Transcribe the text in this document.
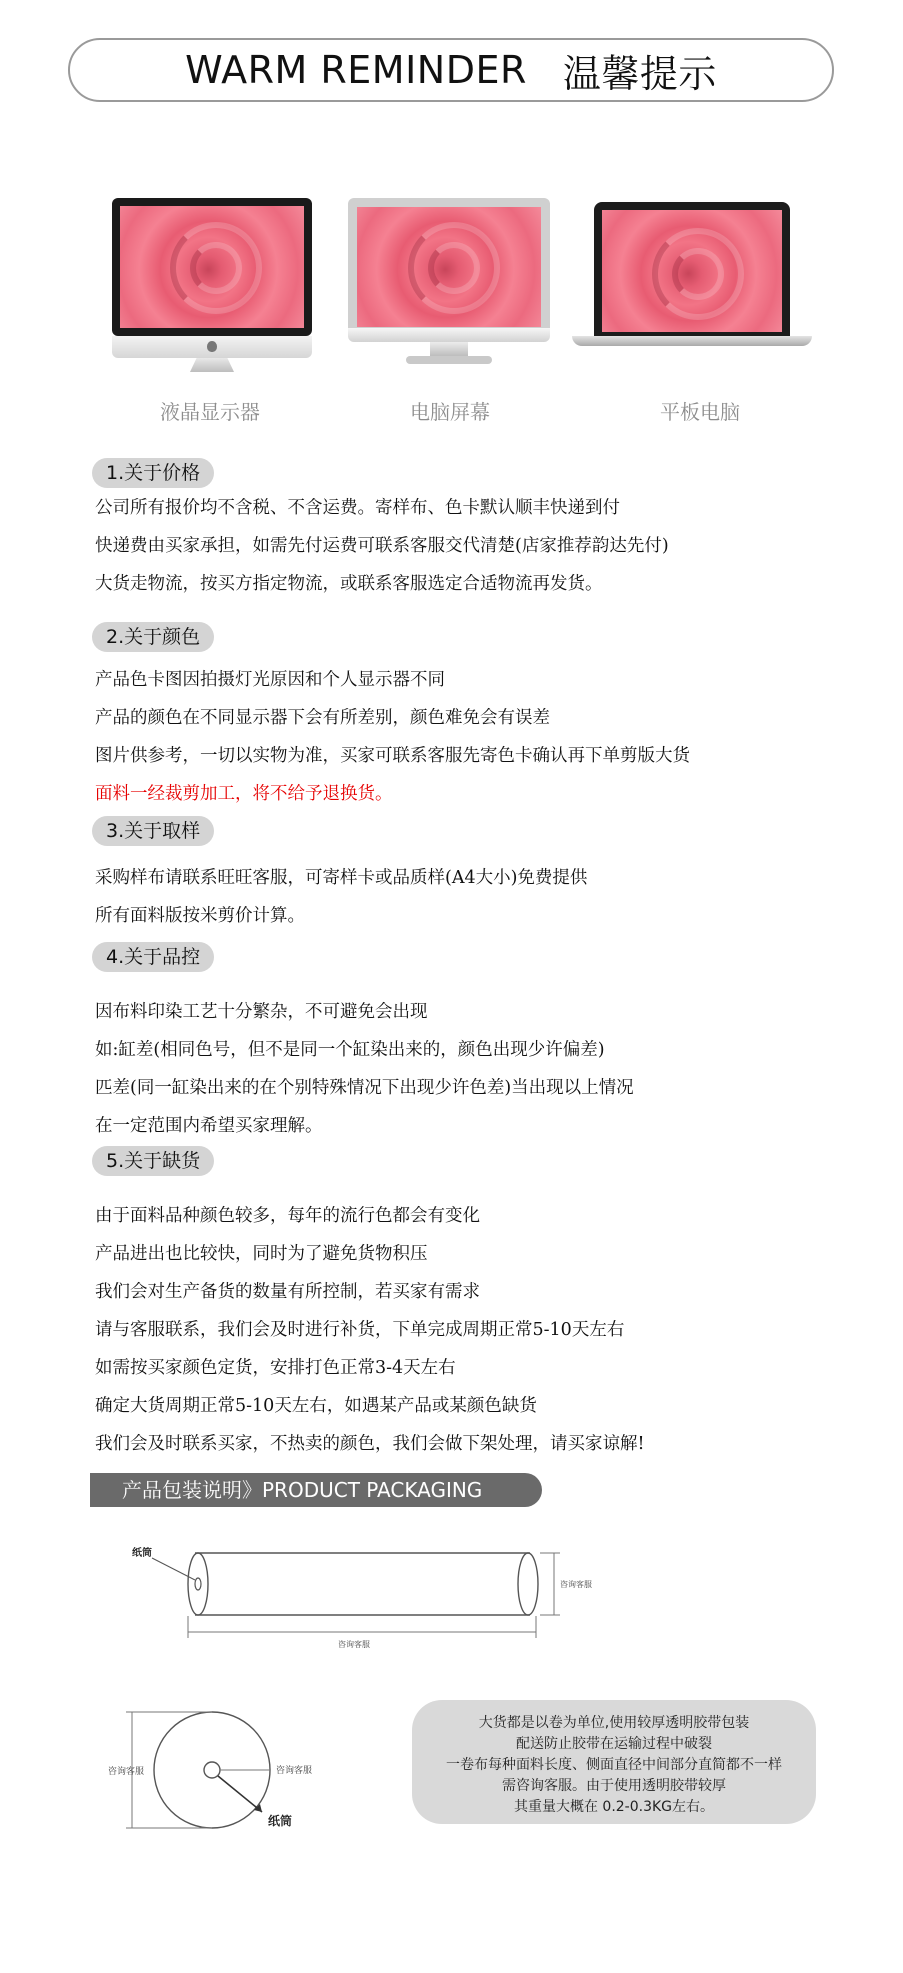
WARM REMINDER 温馨提示
液晶显示器	电脑屏幕	平板电脑
1.关于价格
公司所有报价均不含税、不含运费。寄样布、色卡默认顺丰快递到付
快递费由买家承担，如需先付运费可联系客服交代清楚(店家推荐韵达先付)
大货走物流，按买方指定物流，或联系客服选定合适物流再发货。
2.关于颜色
产品色卡图因拍摄灯光原因和个人显示器不同
产品的颜色在不同显示器下会有所差别，颜色难免会有误差
图片供参考，一切以实物为准，买家可联系客服先寄色卡确认再下单剪版大货
面料一经裁剪加工，将不给予退换货。
3.关于取样
采购样布请联系旺旺客服，可寄样卡或品质样(A4大小)免费提供
所有面料版按米剪价计算。
4.关于品控
因布料印染工艺十分繁杂，不可避免会出现
如:缸差(相同色号，但不是同一个缸染出来的，颜色出现少许偏差)
匹差(同一缸染出来的在个别特殊情况下出现少许色差)当出现以上情况
在一定范围内希望买家理解。
5.关于缺货
由于面料品种颜色较多，每年的流行色都会有变化
产品进出也比较快，同时为了避免货物积压
我们会对生产备货的数量有所控制，若买家有需求
请与客服联系，我们会及时进行补货，下单完成周期正常5-10天左右
如需按买家颜色定货，安排打色正常3-4天左右
确定大货周期正常5-10天左右，如遇某产品或某颜色缺货
我们会及时联系买家，不热卖的颜色，我们会做下架处理，请买家谅解!
产品包装说明》PRODUCT PACKAGING
纸筒
咨询客服
咨询客服
咨询客服	咨询客服
纸筒
大货都是以卷为单位,使用较厚透明胶带包装
配送防止胶带在运输过程中破裂
一卷布每种面料长度、侧面直径中间部分直简都不一样
需咨询客服。由于使用透明胶带较厚
其重量大概在 0.2-0.3KG左右。
